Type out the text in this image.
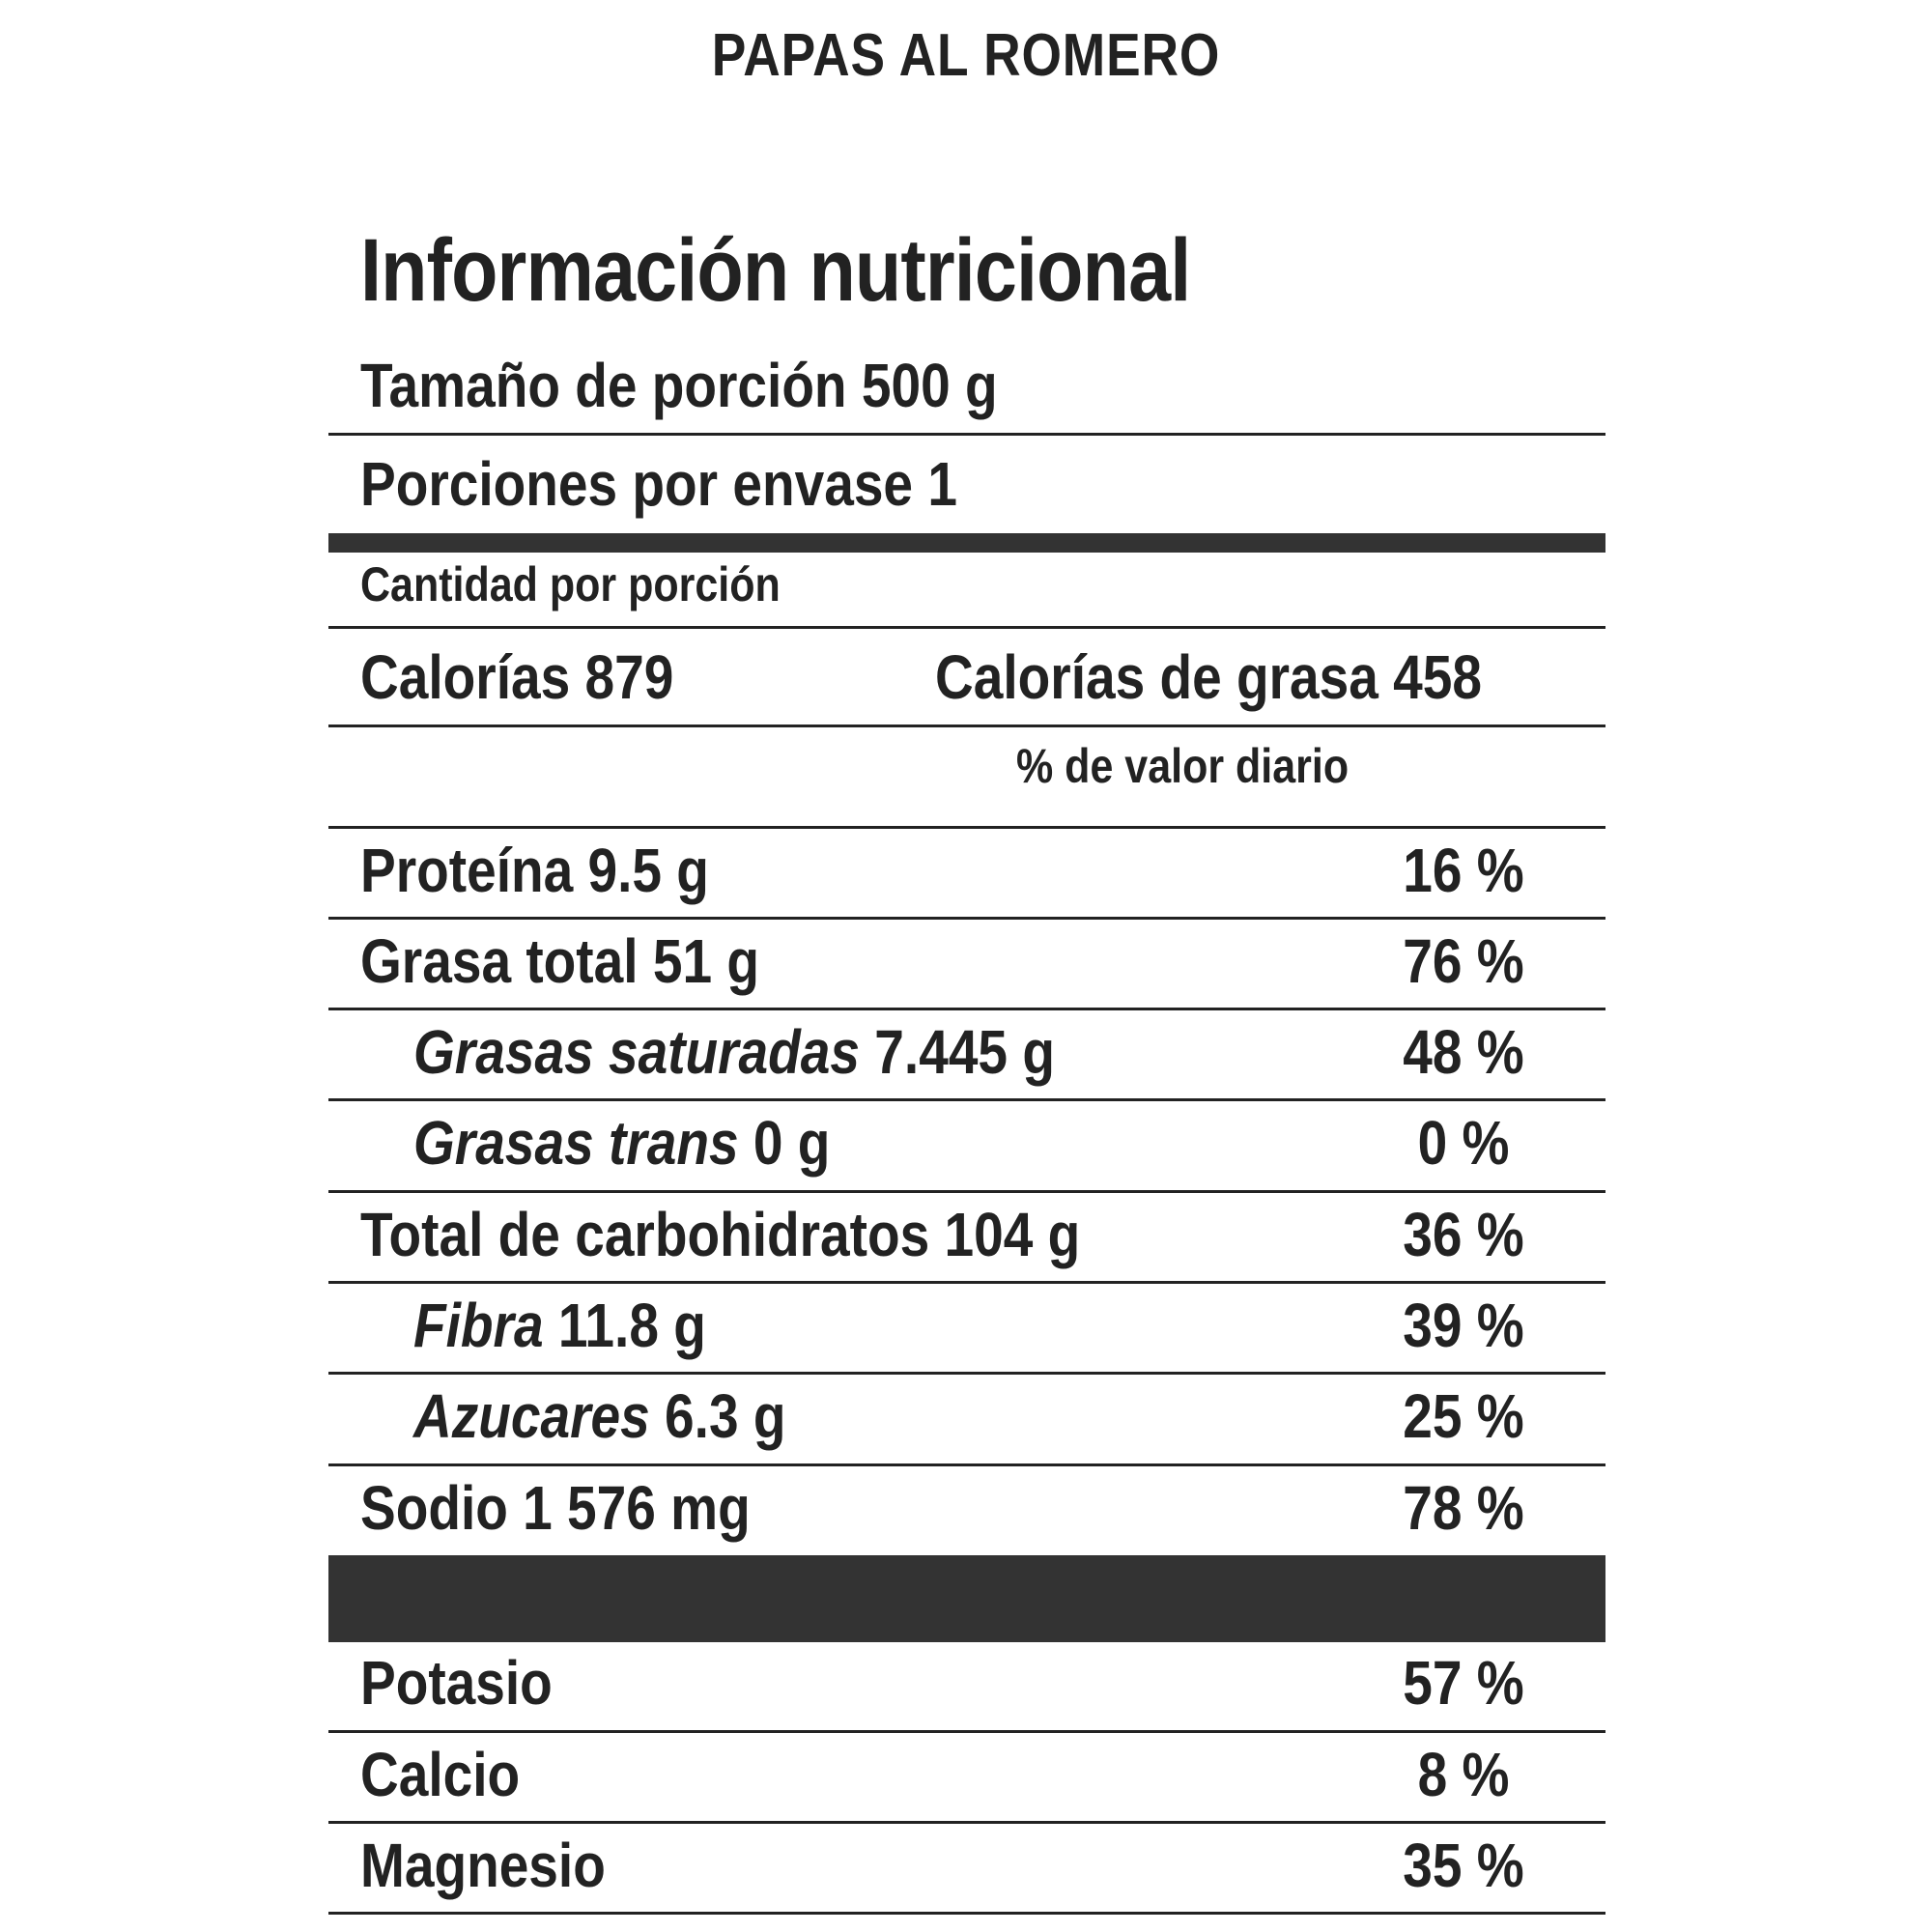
PAPAS AL ROMERO
Información nutricional
Tamaño de porción 500 g
Porciones por envase 1
Cantidad por porción
Calorías 879	Calorías de grasa 458
% de valor diario
Proteína 9.5 g	16 %
Grasa total 51 g	76 %
Grasas saturadas 7.445 g	48 %
Grasas trans 0 g	0 %
Total de carbohidratos 104 g	36 %
Fibra 11.8 g	39 %
Azucares 6.3 g	25 %
Sodio 1 576 mg	78 %
Potasio	57 %
Calcio	8 %
Magnesio	35 %
